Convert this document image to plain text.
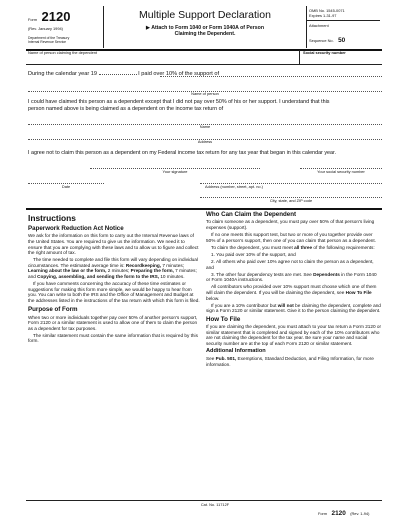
Form 2120
(Rev. January 1994)
Department of the Treasury
Internal Revenue Service
Multiple Support Declaration
▶ Attach to Form 1040 or Form 1040A of Person
Claiming the Dependent.
OMB No. 1545-0071
Expires 1-31-97
Attachment
Sequence No. 50
Name of person claiming the dependent	Social security number
During the calendar year 19	I paid over 10% of the support of
Name of person
I could have claimed this person as a dependent except that I did not pay over 50% of his or her support. I understand that this
person named above is being claimed as a dependent on the income tax return of
Name
Address
I agree not to claim this person as a dependent on my Federal income tax return for any tax year that began in this calendar year.
Your signature	Your social security number
Date	Address (number, street, apt. no.)
City, state, and ZIP code
Instructions
Paperwork Reduction Act Notice

We ask for the information on this form to carry out the Internal Revenue laws of the United States. You are required to give us the information. We need it to ensure that you are complying with these laws and to allow us to figure and collect the right amount of tax.

The time needed to complete and file this form will vary depending on individual circumstances. The estimated average time is: Recordkeeping, 7 minutes; Learning about the law or the form, 2 minutes; Preparing the form, 7 minutes; and Copying, assembling, and sending the form to the IRS, 10 minutes.

If you have comments concerning the accuracy of these time estimates or suggestions for making this form more simple, we would be happy to hear from you. You can write to both the IRS and the Office of Management and Budget at the addresses listed in the instructions of the tax return with which this form is filed.

Purpose of Form

When two or more individuals together pay over 50% of another person's support, Form 2120 or a similar statement is used to allow one of them to claim the person as a dependent for tax purposes.

The similar statement must contain the same information that is required by this form.

Who Can Claim the Dependent

To claim someone as a dependent, you must pay over 50% of that person's living expenses (support).

If no one meets this support test, but two or more of you together provide over 50% of a person's support, then one of you can claim that person as a dependent.

To claim the dependent, you must meet all three of the following requirements:

1. You paid over 10% of the support, and

2. All others who paid over 10% agree not to claim the person as a dependent, and

3. The other four dependency tests are met. See Dependents in the Form 1040 or Form 1040A instructions.

All contributors who provided over 10% support must choose which one of them will claim the dependent. If you will be claiming the dependent, see How To File below.

If you are a 10% contributor but will not be claiming the dependent, complete and sign a Form 2120 or similar statement. Give it to the person claiming the dependent.

How To File

If you are claiming the dependent, you must attach to your tax return a Form 2120 or similar statement that is completed and signed by each of the 10% contributors who are not claiming the dependent for the tax year. Be sure your name and social security number are at the top of each Form 2120 or similar statement.

Additional Information

See Pub. 501, Exemptions, Standard Deduction, and Filing Information, for more information.

Cat. No. 11712F
Form 2120 (Rev. 1-94)
